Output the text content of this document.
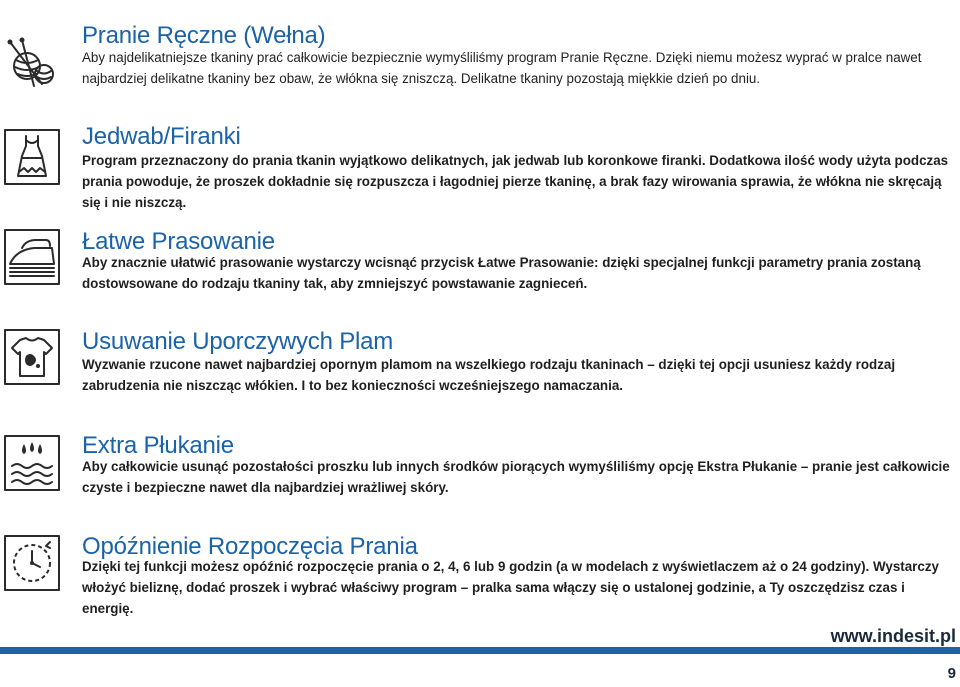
Pranie Ręczne (Wełna)

Aby najdelikatniejsze tkaniny prać całkowicie bezpiecznie wymyśliliśmy program Pranie Ręczne. Dzięki niemu możesz wyprać w pralce nawet najbardziej delikatne tkaniny bez obaw, że włókna się zniszczą. Delikatne tkaniny pozostają miękkie dzień po dniu.

Jedwab/Firanki

Program przeznaczony do prania tkanin wyjątkowo delikatnych, jak jedwab lub koronkowe firanki. Dodatkowa ilość wody użyta podczas prania powoduje, że proszek dokładnie się rozpuszcza i łagodniej pierze tkaninę, a brak fazy wirowania sprawia, że włókna nie skręcają się i nie niszczą.

Łatwe Prasowanie

Aby znacznie ułatwić prasowanie wystarczy wcisnąć przycisk Łatwe Prasowanie: dzięki specjalnej funkcji parametry prania zostaną dostowsowane do rodzaju tkaniny tak, aby zmniejszyć powstawanie zagnieceń.

Usuwanie Uporczywych Plam

Wyzwanie rzucone nawet najbardziej opornym plamom na wszelkiego rodzaju tkaninach – dzięki tej opcji usuniesz każdy rodzaj zabrudzenia nie niszcząc włókien. I to bez konieczności wcześniejszego namaczania.

Extra Płukanie

Aby całkowicie usunąć pozostałości proszku lub innych środków piorących wymyśliliśmy opcję Ekstra Płukanie – pranie jest całkowicie czyste i bezpieczne nawet dla najbardziej wrażliwej skóry.

Opóźnienie Rozpoczęcia Prania

Dzięki tej funkcji możesz opóźnić rozpoczęcie prania o 2, 4, 6 lub 9 godzin (a w modelach z wyświetlaczem aż o 24 godziny). Wystarczy włożyć bieliznę, dodać proszek i wybrać właściwy program – pralka sama włączy się o ustalonej godzinie, a Ty oszczędzisz czas i energię.

www.indesit.pl
9
